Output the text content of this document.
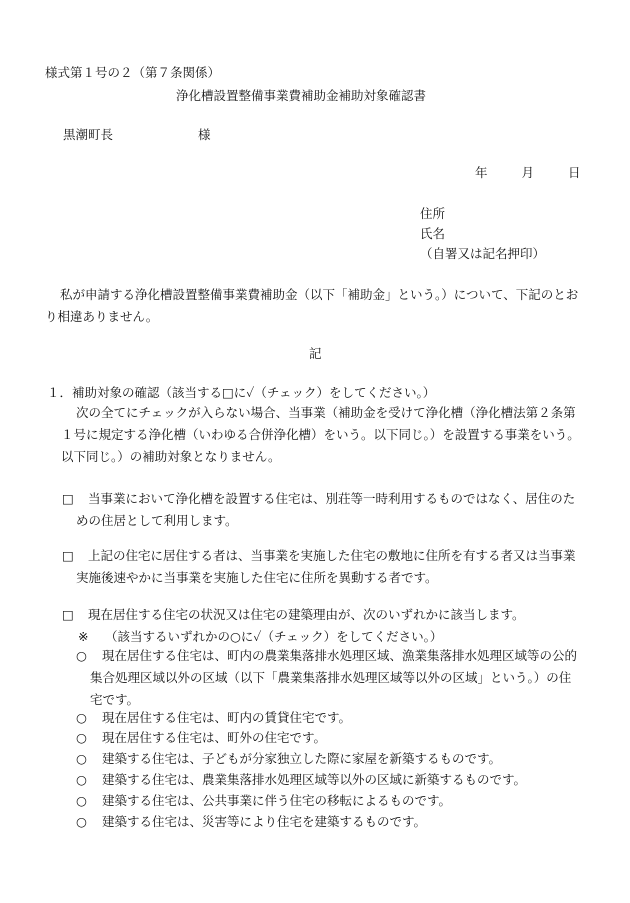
様式第１号の２（第７条関係）
浄化槽設置整備事業費補助金補助対象確認書
黒潮町長	様
年	月	日
住所
氏名
（自署又は記名押印）
私が申請する浄化槽設置整備事業費補助金（以下「補助金」という。）について、下記のとおり相違ありません。
記
１．補助対象の確認（該当する□に✓（チェック）をしてください。）
次の全てにチェックが入らない場合、当事業（補助金を受けて浄化槽（浄化槽法第２条第１号に規定する浄化槽（いわゆる合併浄化槽）をいう。以下同じ。）を設置する事業をいう。以下同じ。）の補助対象となりません。
□	当事業において浄化槽を設置する住宅は、別荘等一時利用するものではなく、居住のための住居として利用します。
□	上記の住宅に居住する者は、当事業を実施した住宅の敷地に住所を有する者又は当事業実施後速やかに当事業を実施した住宅に住所を異動する者です。
□ 現在居住する住宅の状況又は住宅の建築理由が、次のいずれかに該当します。
※ （該当するいずれかの○に✓（チェック）をしてください。）
○	現在居住する住宅は、町内の農業集落排水処理区域、漁業集落排水処理区域等の公的集合処理区域以外の区域（以下「農業集落排水処理区域等以外の区域」という。）の住宅です。
○ 現在居住する住宅は、町内の賃貸住宅です。
○ 現在居住する住宅は、町外の住宅です。
○ 建築する住宅は、子どもが分家独立した際に家屋を新築するものです。
○ 建築する住宅は、農業集落排水処理区域等以外の区域に新築するものです。
○ 建築する住宅は、公共事業に伴う住宅の移転によるものです。
○ 建築する住宅は、災害等により住宅を建築するものです。
